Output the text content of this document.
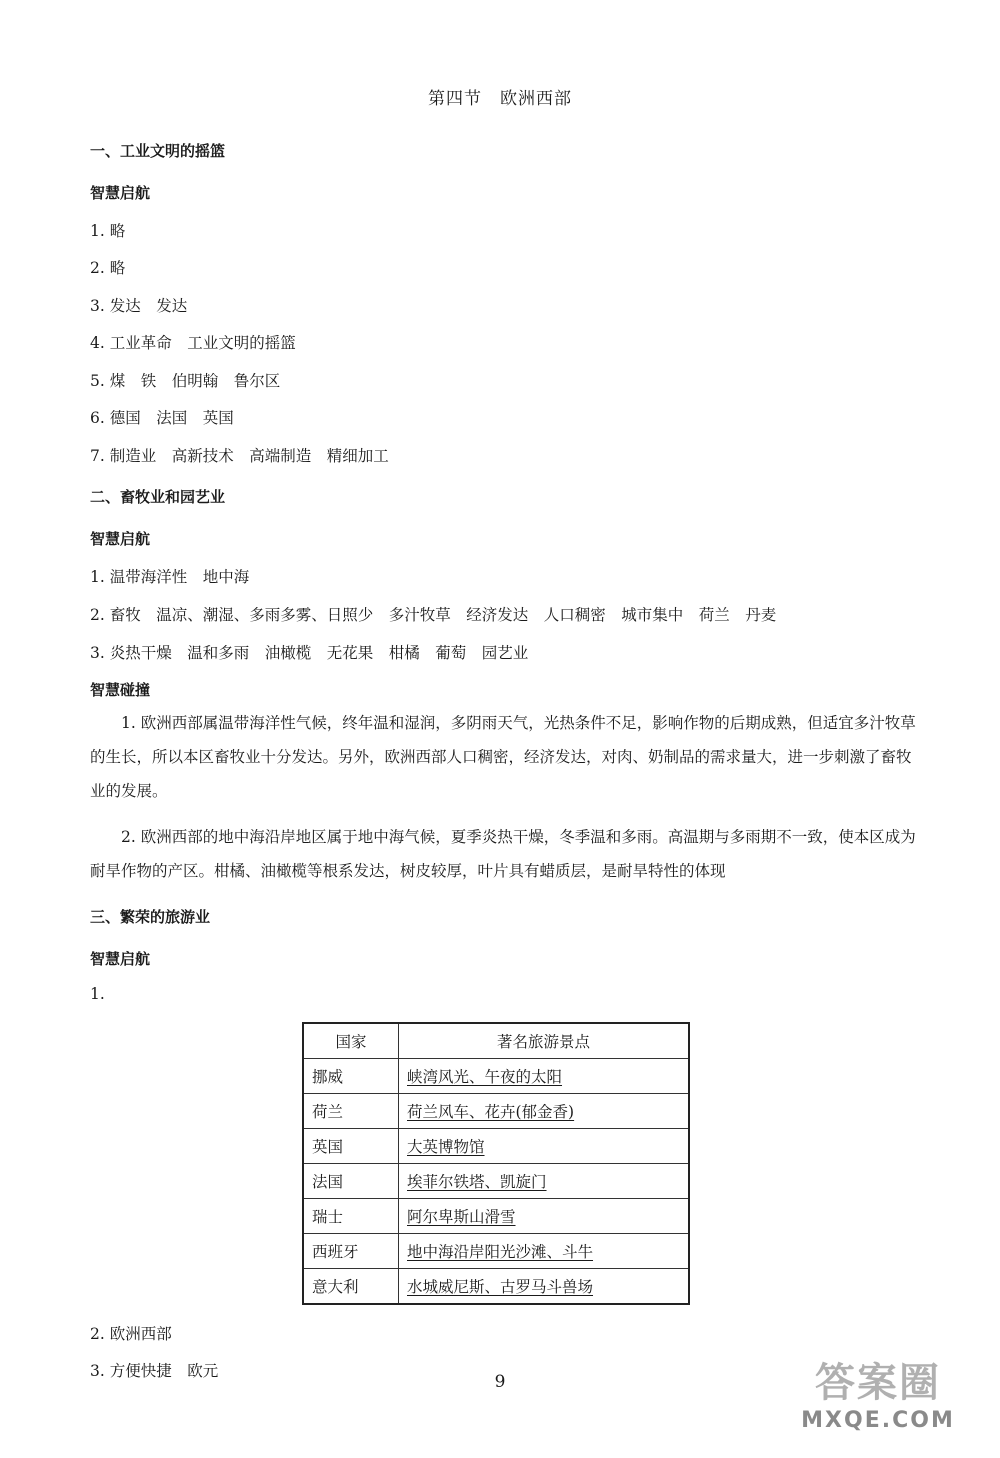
第四节　欧洲西部
一、工业文明的摇篮
智慧启航
1. 略
2. 略
3. 发达　发达
4. 工业革命　工业文明的摇篮
5. 煤　铁　伯明翰　鲁尔区
6. 德国　法国　英国
7. 制造业　高新技术　高端制造　精细加工
二、畜牧业和园艺业
智慧启航
1. 温带海洋性　地中海
2. 畜牧　温凉、潮湿、多雨多雾、日照少　多汁牧草　经济发达　人口稠密　城市集中　荷兰　丹麦
3. 炎热干燥　温和多雨　油橄榄　无花果　柑橘　葡萄　园艺业
智慧碰撞
　　1. 欧洲西部属温带海洋性气候，终年温和湿润，多阴雨天气，光热条件不足，影响作物的后期成熟，但适宜多汁牧草的生长，所以本区畜牧业十分发达。另外，欧洲西部人口稠密，经济发达，对肉、奶制品的需求量大，进一步刺激了畜牧业的发展。
　　2. 欧洲西部的地中海沿岸地区属于地中海气候，夏季炎热干燥，冬季温和多雨。高温期与多雨期不一致，使本区成为耐旱作物的产区。柑橘、油橄榄等根系发达，树皮较厚，叶片具有蜡质层，是耐旱特性的体现
三、繁荣的旅游业
智慧启航
1.
国家	著名旅游景点
挪威	峡湾风光、午夜的太阳
荷兰	荷兰风车、花卉(郁金香)
英国	大英博物馆
法国	埃菲尔铁塔、凯旋门
瑞士	阿尔卑斯山滑雪
西班牙	地中海沿岸阳光沙滩、斗牛
意大利	水城威尼斯、古罗马斗兽场
2. 欧洲西部
3. 方便快捷　欧元
9	答案圈
MXQE.COM
